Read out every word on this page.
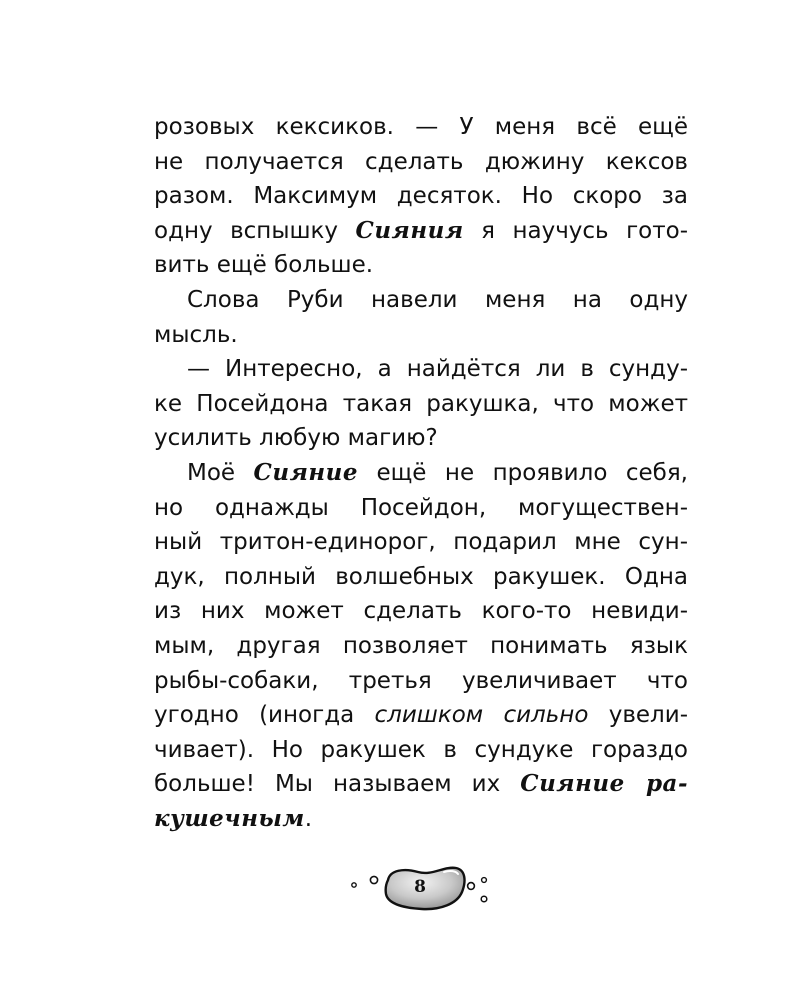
розовых кексиков. — У меня всё ещё
не получается сделать дюжину кексов
разом. Максимум десяток. Но скоро за
одну вспышку Сияния я научусь гото-
вить ещё больше.
Слова Руби навели меня на одну
мысль.
— Интересно, а найдётся ли в сунду-
ке Посейдона такая ракушка, что может
усилить любую магию?
Моё Сияние ещё не проявило себя,
но однажды Посейдон, могуществен-
ный тритон-единорог, подарил мне сун-
дук, полный волшебных ракушек. Одна
из них может сделать кого-то невиди-
мым, другая позволяет понимать язык
рыбы-собаки, третья увеличивает что
угодно (иногда слишком сильно увели-
чивает). Но ракушек в сундуке гораздо
больше! Мы называем их Сияние ра-
кушечным.
8
